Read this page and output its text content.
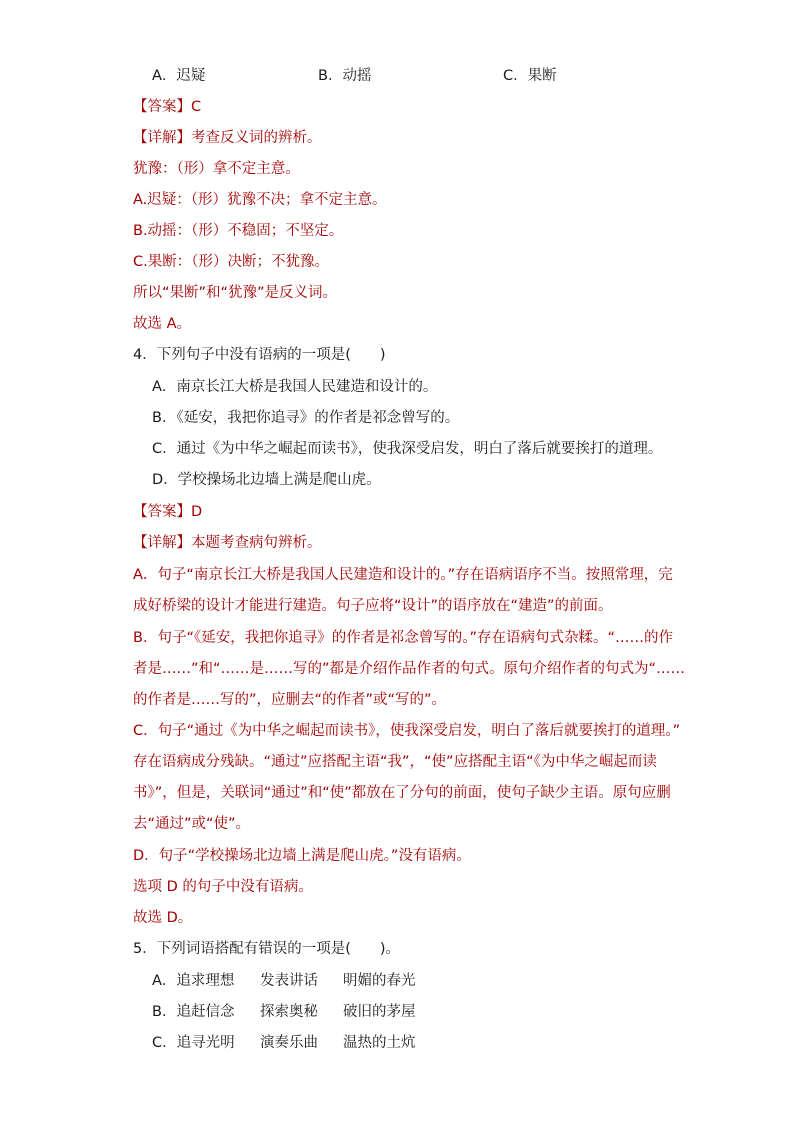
A．迟疑	B．动摇	C．果断
【答案】C
【详解】考查反义词的辨析。
犹豫：（形）拿不定主意。
A.迟疑：（形）犹豫不决；拿不定主意。
B.动摇：（形）不稳固；不坚定。
C.果断：（形）决断；不犹豫。
所以“果断”和“犹豫”是反义词。
故选 A。
4．下列句子中没有语病的一项是(　　)
A．南京长江大桥是我国人民建造和设计的。
B．《延安，我把你追寻》的作者是祁念曾写的。
C．通过《为中华之崛起而读书》，使我深受启发，明白了落后就要挨打的道理。
D．学校操场北边墙上满是爬山虎。
【答案】D
【详解】本题考查病句辨析。
A．句子“南京长江大桥是我国人民建造和设计的。”存在语病语序不当。按照常理，完
成好桥梁的设计才能进行建造。句子应将“设计”的语序放在“建造”的前面。
B．句子“《延安，我把你追寻》的作者是祁念曾写的。”存在语病句式杂糅。“……的作
者是……”和“……是……写的”都是介绍作品作者的句式。原句介绍作者的句式为“……
的作者是……写的”，应删去“的作者”或“写的”。
C．句子“通过《为中华之崛起而读书》，使我深受启发，明白了落后就要挨打的道理。”
存在语病成分残缺。“通过”应搭配主语“我”，“使”应搭配主语“《为中华之崛起而读
书》”，但是，关联词“通过”和“使”都放在了分句的前面，使句子缺少主语。原句应删
去“通过”或“使”。
D．句子“学校操场北边墙上满是爬山虎。”没有语病。
选项 D 的句子中没有语病。
故选 D。
5．下列词语搭配有错误的一项是(　　)。
A．追求理想 发表讲话 明媚的春光
B．追赶信念 探索奥秘 破旧的茅屋
C．追寻光明 演奏乐曲 温热的土炕
